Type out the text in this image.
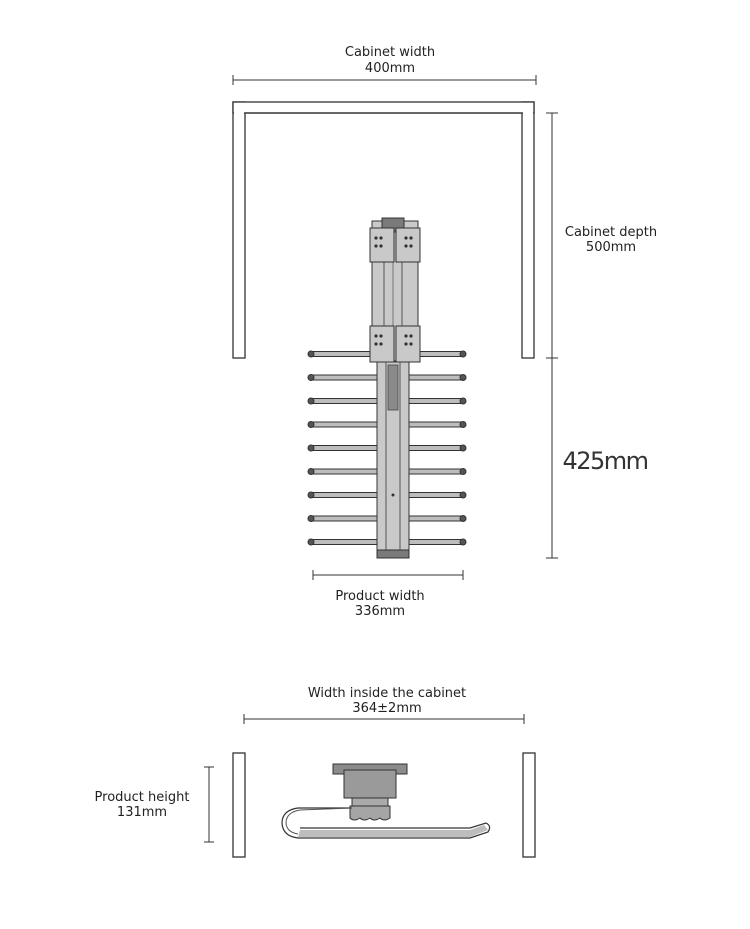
Cabinet width
400mm
Cabinet depth
500mm
425mm
Product width
336mm
Width inside the cabinet
364±2mm
Product height
131mm
